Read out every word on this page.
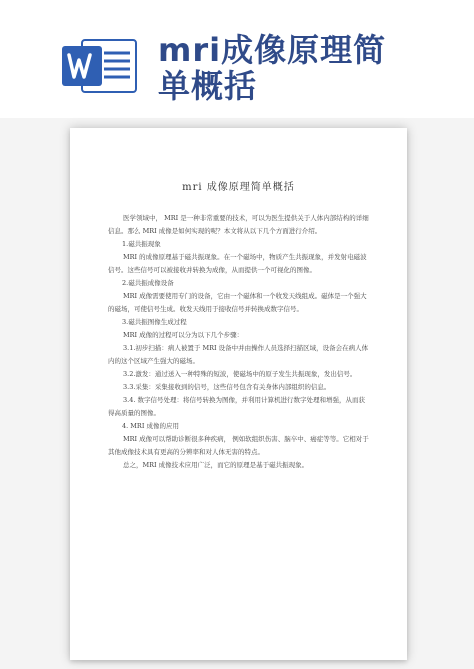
mri成像原理简
单概括
mri 成像原理简单概括

医学领域中， MRI 是一种非常重要的技术，可以为医生提供关于人体内部结构的详细信息。那么 MRI 成像是如何实现的呢？本文将从以下几个方面进行介绍。

1.磁共振现象

MRI 的成像原理基于磁共振现象。在一个磁场中，物质产生共振现象，并发射电磁波信号。这些信号可以被接收并转换为成像，从而提供一个可视化的图像。

2.磁共振成像设备

MRI 成像需要使用专门的设备，它由一个磁体和一个收发天线组成。磁体是一个强大的磁场，可使信号生成。收发天线用于接收信号并转换成数字信号。

3.磁共振图像生成过程

MRI 成像的过程可以分为以下几个步骤：

3.1.初步扫描：病人被置于 MRI 设备中并由操作人员选择扫描区域，设备会在病人体内的这个区域产生强大的磁场。

3.2.激发：通过送入一种特殊的短波，使磁场中的原子发生共振现象，发出信号。

3.3.采集：采集接收到的信号，这些信号包含有关身体内部组织的信息。

3.4. 数字信号处理：将信号转换为图像，并利用计算机进行数字处理和增强，从而获得高质量的图像。

4. MRI 成像的应用

MRI 成像可以帮助诊断很多种疾病， 例如软组织伤害、脑卒中、癌症等等。它相对于其他成像技术具有更高的分辨率和对人体无害的特点。

总之，MRI 成像技术应用广泛，而它的原理是基于磁共振现象。
